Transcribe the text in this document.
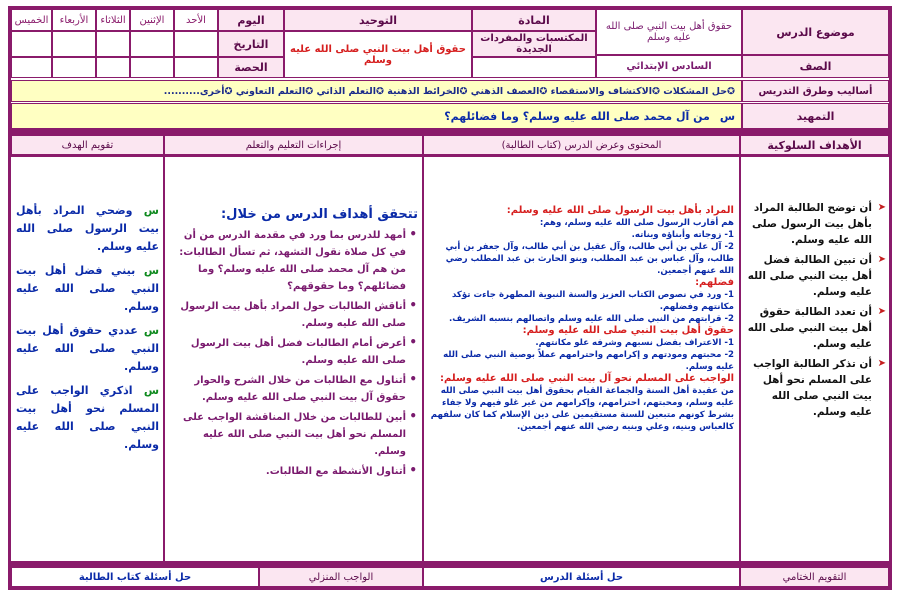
موضوع الدرس
حقوق أهل بيت النبي صلى الله عليه وسلم
المادة
المكتسبات والمفردات الجديدة
التوحيد
حقوق أهل بيت النبي صلى الله عليه وسلم
اليوم
التاريخ
الحصة
الأحد
الإثنين
الثلاثاء
الأربعاء
الخميس
الصف
السادس الإبتدائي
أساليب وطرق التدريس
✪حل المشكلات ✪الاكتشاف والاستقصاء ✪العصف الذهني ✪الخرائط الذهنية ✪التعلم الذاتي ✪التعلم التعاوني ✪أخرى..........
التمهيد
س
من آل محمد صلى الله عليه وسلم؟ وما فضائلهم؟
الأهداف السلوكية
المحتوى وعرض الدرس (كتاب الطالبة)
إجراءات التعليم والتعلم
تقويم الهدف
➤ أن توضح الطالبة المراد بأهل بيت الرسول صلى الله عليه وسلم.
➤ أن تبين الطالبة فضل أهل بيت النبي صلى الله عليه وسلم.
➤ أن تعدد الطالبة حقوق أهل بيت النبي صلى الله عليه وسلم.
➤ أن تذكر الطالبة الواجب على المسلم نحو أهل بيت النبي صلى الله عليه وسلم.
المراد بأهل بيت الرسول صلى الله عليه وسلم:
هم أقارب الرسول صلى الله عليه وسلم، وهم:
1- زوجاته وأبناؤه وبناته.
2- آل علي بن أبي طالب، وآل عقيل بن أبي طالب، وآل جعفر بن أبي طالب، وآل عباس بن عبد المطلب، وبنو الحارث بن عبد المطلب رضي الله عنهم أجمعين.
فضلهم:
1- ورد في نصوص الكتاب العزيز والسنة النبوية المطهرة جاءت تؤكد مكانتهم وفضلهم.
2- قرابتهم من النبي صلى الله عليه وسلم واتصالهم بنسبه الشريف.
حقوق أهل بيت النبي صلى الله عليه وسلم:
1- الاعتراف بفضل نسبهم وشرفه علو مكانتهم.
2- محبتهم ومودتهم و إكرامهم واحترامهم عملاً بوصية النبي صلى الله عليه وسلم.
الواجب على المسلم نحو آل بيت النبي صلى الله عليه وسلم:
من عقيدة أهل السنة والجماعة القيام بحقوق أهل بيت النبي صلى الله عليه وسلم، ومحبتهم، احترامهم، وإكرامهم من غير غلو فيهم ولا جفاء بشرط كونهم متبعين للسنة مستقيمين على دين الإسلام كما كان سلفهم كالعباس وبنيه، وعلي وبنيه رضي الله عنهم أجمعين.
تتحقق أهداف الدرس من خلال:
• أمهد للدرس بما ورد في مقدمة الدرس من أن في كل صلاة نقول التشهد، ثم تسأل الطالبات: من هم آل محمد صلى الله عليه وسلم؟ وما فضائلهم؟ وما حقوقهم؟
• أناقش الطالبات حول المراد بأهل بيت الرسول صلى الله عليه وسلم.
• أعرض أمام الطالبات فضل أهل بيت الرسول صلى الله عليه وسلم.
• أتناول مع الطالبات من خلال الشرح والحوار حقوق آل بيت النبي صلى الله عليه وسلم.
• أبين للطالبات من خلال المناقشة الواجب على المسلم نحو أهل بيت النبي صلى الله عليه وسلم.
• أتناول الأنشطة مع الطالبات.
س وضحي المراد بأهل بيت الرسول صلى الله عليه وسلم.
س بيني فضل أهل بيت النبي صلى الله عليه وسلم.
س عددي حقوق أهل بيت النبي صلى الله عليه وسلم.
س اذكري الواجب على المسلم نحو أهل بيت النبي صلى الله عليه وسلم.
التقويم الختامي
حل أسئلة الدرس
الواجب المنزلي
حل أسئلة كتاب الطالبة
